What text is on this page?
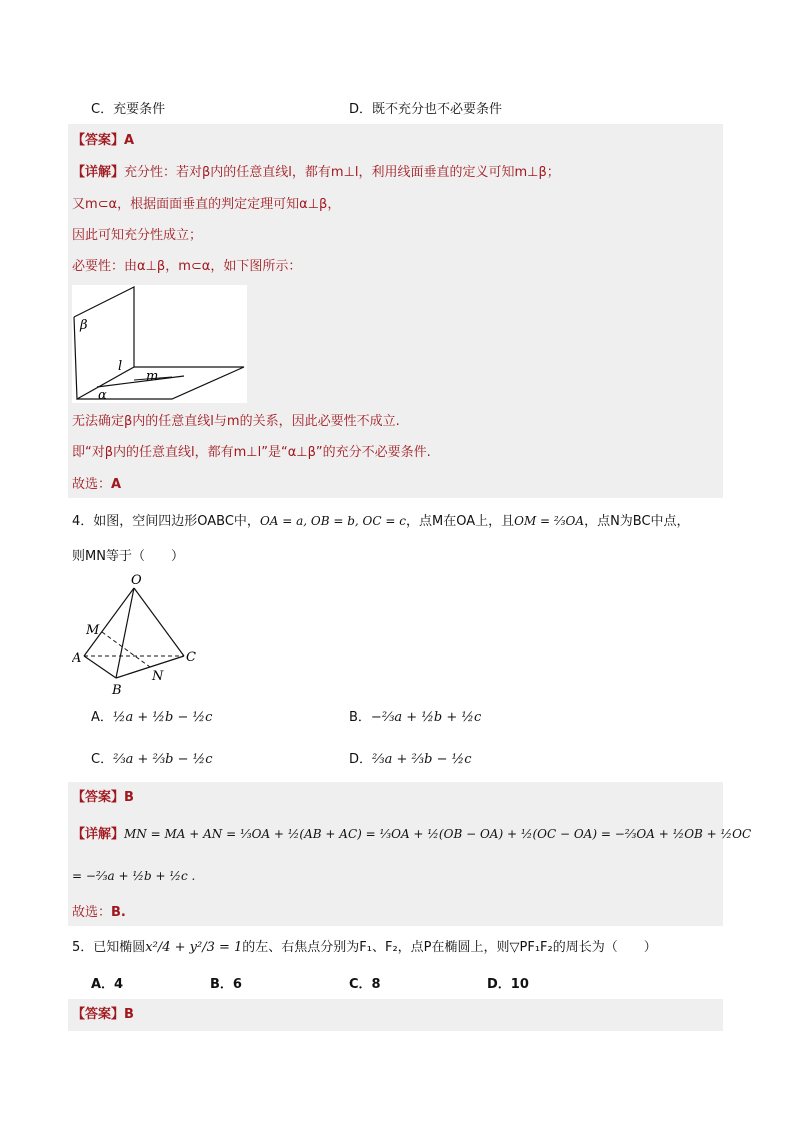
C．充要条件	D．既不充分也不必要条件
【答案】A
【详解】充分性：若对β内的任意直线l，都有m⊥l，利用线面垂直的定义可知m⊥β；
又m⊂α，根据面面垂直的判定定理可知α⊥β，
因此可知充分性成立；
必要性：由α⊥β，m⊂α，如下图所示：
β
l
m
α
无法确定β内的任意直线l与m的关系，因此必要性不成立.
即“对β内的任意直线l，都有m⊥l”是“α⊥β”的充分不必要条件.
故选：A
4．如图，空间四边形OABC中，OA = a, OB = b, OC = c，点M在OA上，且OM = ⅔OA，点N为BC中点，
则MN等于（　　）
O
M
A
B
C
N
A．½a + ½b − ½c	B．−⅔a + ½b + ½c
C．⅔a + ⅔b − ½c	D．⅔a + ⅔b − ½c
【答案】B
【详解】MN = MA + AN = ⅓OA + ½(AB + AC) = ⅓OA + ½(OB − OA) + ½(OC − OA) = −⅔OA + ½OB + ½OC
= −⅔a + ½b + ½c .
故选：B.
5．已知椭圆x²/4 + y²/3 = 1的左、右焦点分别为F₁、F₂，点P在椭圆上，则▽PF₁F₂的周长为（　　）
A．4	B．6	C．8	D．10
【答案】B
